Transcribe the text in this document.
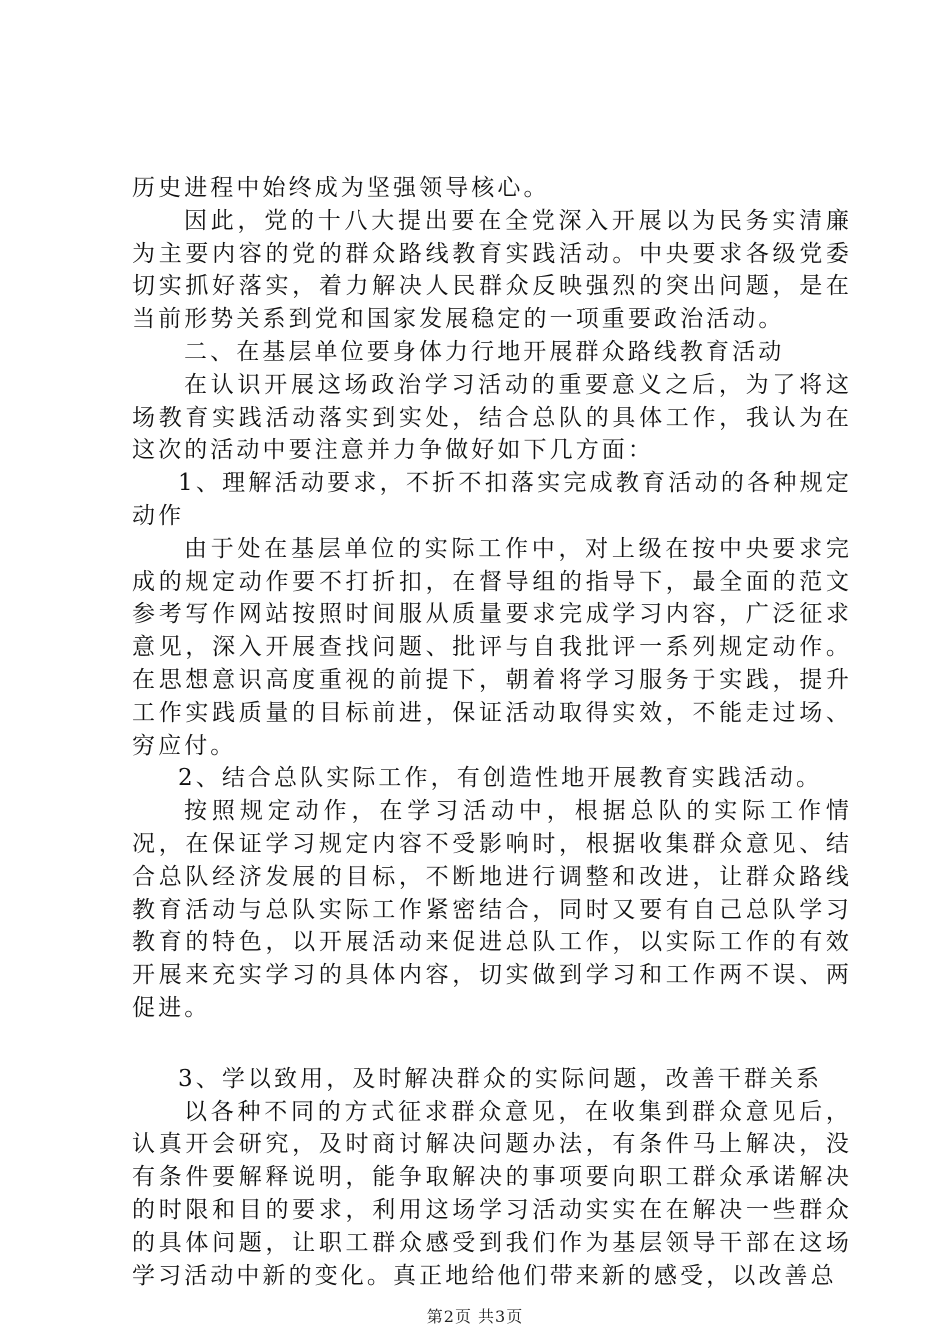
历史进程中始终成为坚强领导核心。

因此，党的十八大提出要在全党深入开展以为民务实清廉为主要内容的党的群众路线教育实践活动。中央要求各级党委切实抓好落实，着力解决人民群众反映强烈的突出问题，是在当前形势关系到党和国家发展稳定的一项重要政治活动。

二、在基层单位要身体力行地开展群众路线教育活动

在认识开展这场政治学习活动的重要意义之后，为了将这场教育实践活动落实到实处，结合总队的具体工作，我认为在这次的活动中要注意并力争做好如下几方面：

1、理解活动要求，不折不扣落实完成教育活动的各种规定动作

由于处在基层单位的实际工作中，对上级在按中央要求完成的规定动作要不打折扣，在督导组的指导下，最全面的范文参考写作网站按照时间服从质量要求完成学习内容，广泛征求意见，深入开展查找问题、批评与自我批评一系列规定动作。在思想意识高度重视的前提下，朝着将学习服务于实践，提升工作实践质量的目标前进，保证活动取得实效，不能走过场、穷应付。

2、结合总队实际工作，有创造性地开展教育实践活动。

按照规定动作，在学习活动中，根据总队的实际工作情况，在保证学习规定内容不受影响时，根据收集群众意见、结合总队经济发展的目标，不断地进行调整和改进，让群众路线教育活动与总队实际工作紧密结合，同时又要有自己总队学习教育的特色，以开展活动来促进总队工作，以实际工作的有效开展来充实学习的具体内容，切实做到学习和工作两不误、两促进。

3、学以致用，及时解决群众的实际问题，改善干群关系

以各种不同的方式征求群众意见，在收集到群众意见后，认真开会研究，及时商讨解决问题办法，有条件马上解决，没有条件要解释说明，能争取解决的事项要向职工群众承诺解决的时限和目的要求，利用这场学习活动实实在在解决一些群众的具体问题，让职工群众感受到我们作为基层领导干部在这场学习活动中新的变化。真正地给他们带来新的感受，以改善总

第2页 共3页
